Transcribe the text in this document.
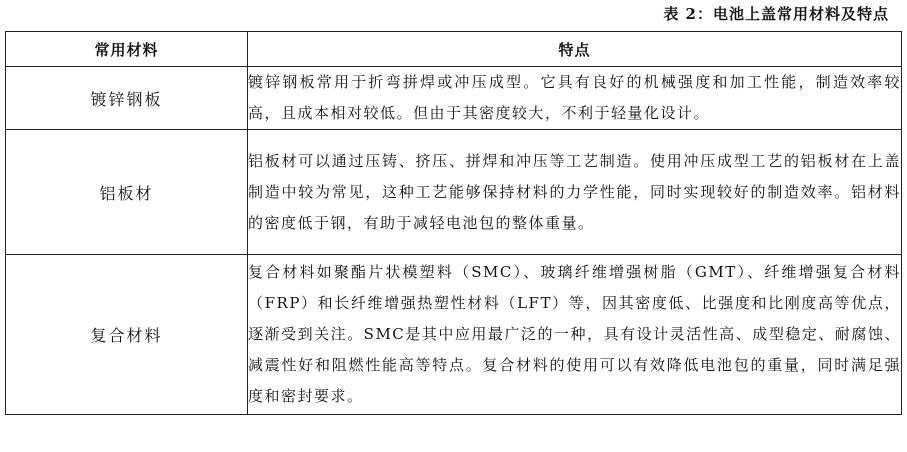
表 2：电池上盖常用材料及特点
常用材料	特点
镀锌钢板	镀锌钢板常用于折弯拼焊或冲压成型。它具有良好的机械强度和加工性能，制造效率较高，且成本相对较低。但由于其密度较大，不利于轻量化设计。
铝板材	铝板材可以通过压铸、挤压、拼焊和冲压等工艺制造。使用冲压成型工艺的铝板材在上盖制造中较为常见，这种工艺能够保持材料的力学性能，同时实现较好的制造效率。铝材料的密度低于钢，有助于减轻电池包的整体重量。
复合材料	复合材料如聚酯片状模塑料（SMC）、玻璃纤维增强树脂（GMT）、纤维增强复合材料（FRP）和长纤维增强热塑性材料（LFT）等，因其密度低、比强度和比刚度高等优点，逐渐受到关注。SMC是其中应用最广泛的一种，具有设计灵活性高、成型稳定、耐腐蚀、减震性好和阻燃性能高等特点。复合材料的使用可以有效降低电池包的重量，同时满足强度和密封要求。
